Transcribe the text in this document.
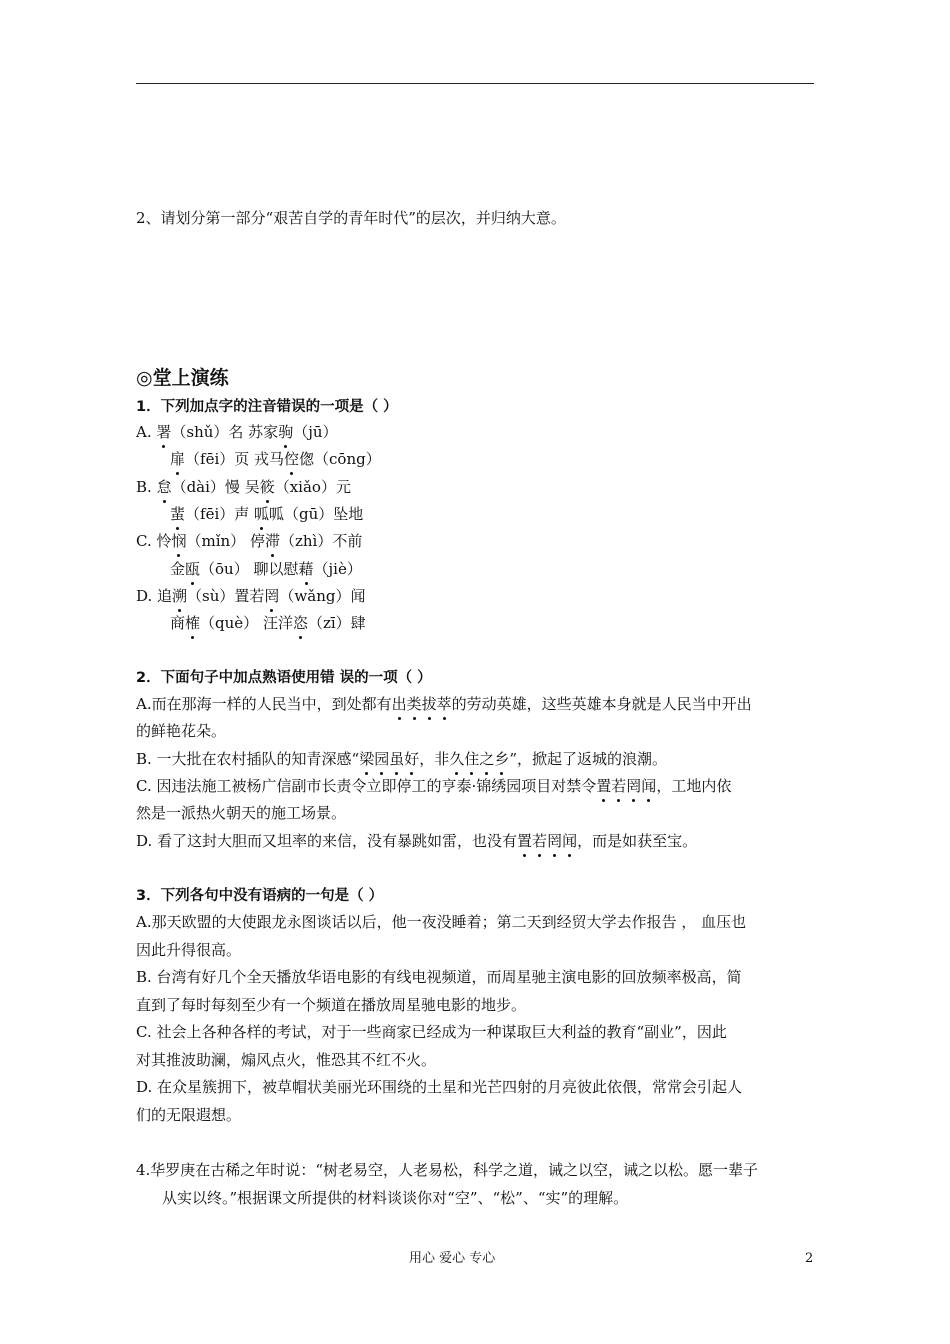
2、请划分第一部分“艰苦自学的青年时代”的层次，并归纳大意。
◎堂上演练
1．下列加点字的注音错误的一项是（ ）
A. 署（shǔ）名 苏家驹（jū）
扉（fēi）页 戎马倥偬（cōng）
B. 怠（dài）慢 吴筱（xiǎo）元
蜚（fēi）声 呱呱（gū）坠地
C. 怜悯（mǐn） 停滞（zhì）不前
金瓯（ōu） 聊以慰藉（jiè）
D. 追溯（sù）置若罔（wǎng）闻
商榷（què） 汪洋恣（zī）肆
2．下面句子中加点熟语使用错 误的一项（ ）
A.而在那海一样的人民当中，到处都有出类拔萃的劳动英雄，这些英雄本身就是人民当中开出
的鲜艳花朵。
B. 一大批在农村插队的知青深感“梁园虽好，非久住之乡”，掀起了返城的浪潮。
C. 因违法施工被杨广信副市长责令立即停工的亨泰·锦绣园项目对禁令置若罔闻，工地内依
然是一派热火朝天的施工场景。
D. 看了这封大胆而又坦率的来信，没有暴跳如雷，也没有置若罔闻，而是如获至宝。
3．下列各句中没有语病的一句是（ ）
A.那天欧盟的大使跟龙永图谈话以后，他一夜没睡着；第二天到经贸大学去作报告 ， 血压也
因此升得很高。
B. 台湾有好几个全天播放华语电影的有线电视频道，而周星驰主演电影的回放频率极高，简
直到了每时每刻至少有一个频道在播放周星驰电影的地步。
C. 社会上各种各样的考试，对于一些商家已经成为一种谋取巨大利益的教育“副业”，因此
对其推波助澜，煽风点火，惟恐其不红不火。
D. 在众星簇拥下，被草帽状美丽光环围绕的土星和光芒四射的月亮彼此依偎，常常会引起人
们的无限遐想。
4.华罗庚在古稀之年时说：“树老易空，人老易松，科学之道，诫之以空，诫之以松。愿一辈子
从实以终。”根据课文所提供的材料谈谈你对“空”、“松”、“实”的理解。
用心 爱心 专心	2
